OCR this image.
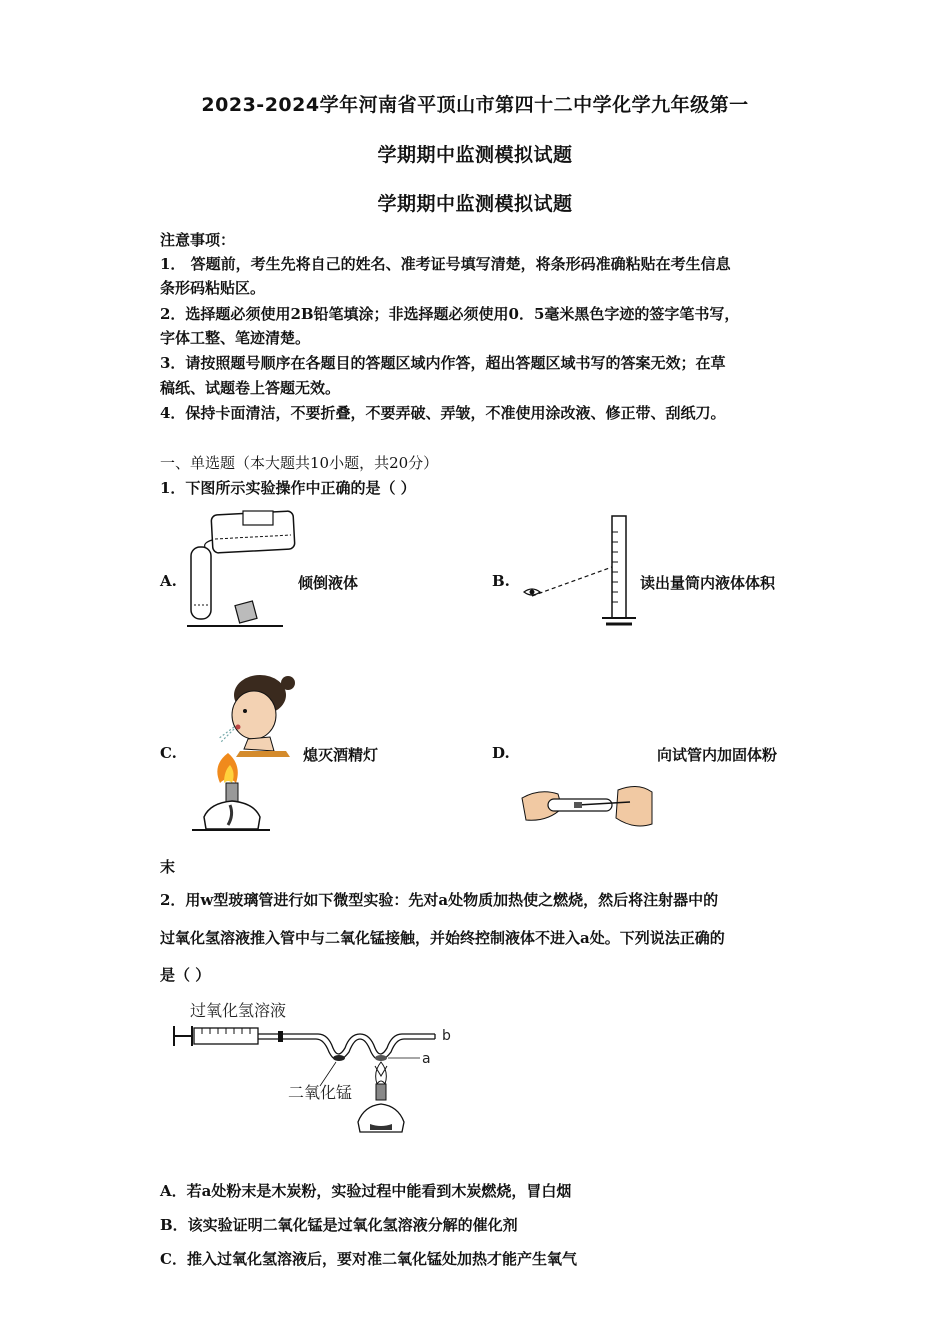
2023-2024学年河南省平顶山市第四十二中学化学九年级第一
学期期中监测模拟试题
学期期中监测模拟试题
注意事项：
1． 答题前，考生先将自己的姓名、准考证号填写清楚，将条形码准确粘贴在考生信息
条形码粘贴区。
2．选择题必须使用2B铅笔填涂；非选择题必须使用0．5毫米黑色字迹的签字笔书写，
字体工整、笔迹清楚。
3．请按照题号顺序在各题目的答题区域内作答，超出答题区域书写的答案无效；在草
稿纸、试题卷上答题无效。
4．保持卡面清洁，不要折叠，不要弄破、弄皱，不准使用涂改液、修正带、刮纸刀。
一、单选题（本大题共10小题，共20分）
1．下图所示实验操作中正确的是（ ）
A.	倾倒液体	B.	读出量筒内液体体积
C.	熄灭酒精灯	D.	向试管内加固体粉
末
2．用w型玻璃管进行如下微型实验：先对a处物质加热使之燃烧，然后将注射器中的
过氧化氢溶液推入管中与二氧化锰接触，并始终控制液体不进入a处。下列说法正确的
是（ ）
过氧化氢溶液
b
a
二氧化锰
A．若a处粉末是木炭粉，实验过程中能看到木炭燃烧，冒白烟
B．该实验证明二氧化锰是过氧化氢溶液分解的催化剂
C．推入过氧化氢溶液后，要对准二氧化锰处加热才能产生氧气
